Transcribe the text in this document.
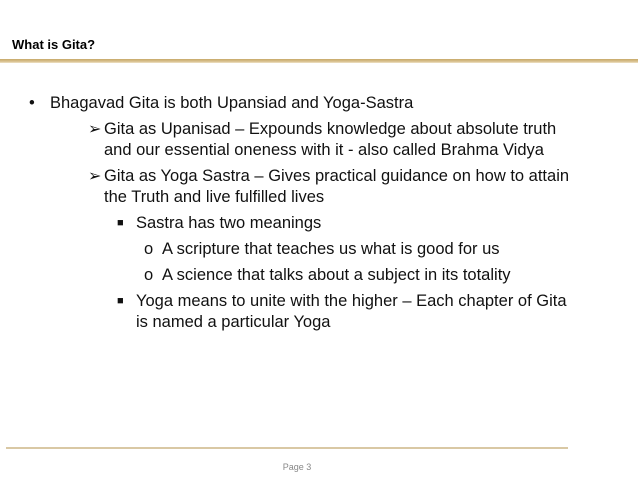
What is Gita?
• Bhagavad Gita is both Upansiad and Yoga-Sastra
➢ Gita as Upanisad – Expounds knowledge about absolute truth and our essential oneness with it - also called Brahma Vidya
➢ Gita as Yoga Sastra – Gives practical guidance on how to attain the Truth and live fulfilled lives
■ Sastra has two meanings
o A scripture that teaches us what is good for us
o A science that talks about a subject in its totality
■ Yoga means to unite with the higher – Each chapter of Gita is named a particular Yoga
Page 3
